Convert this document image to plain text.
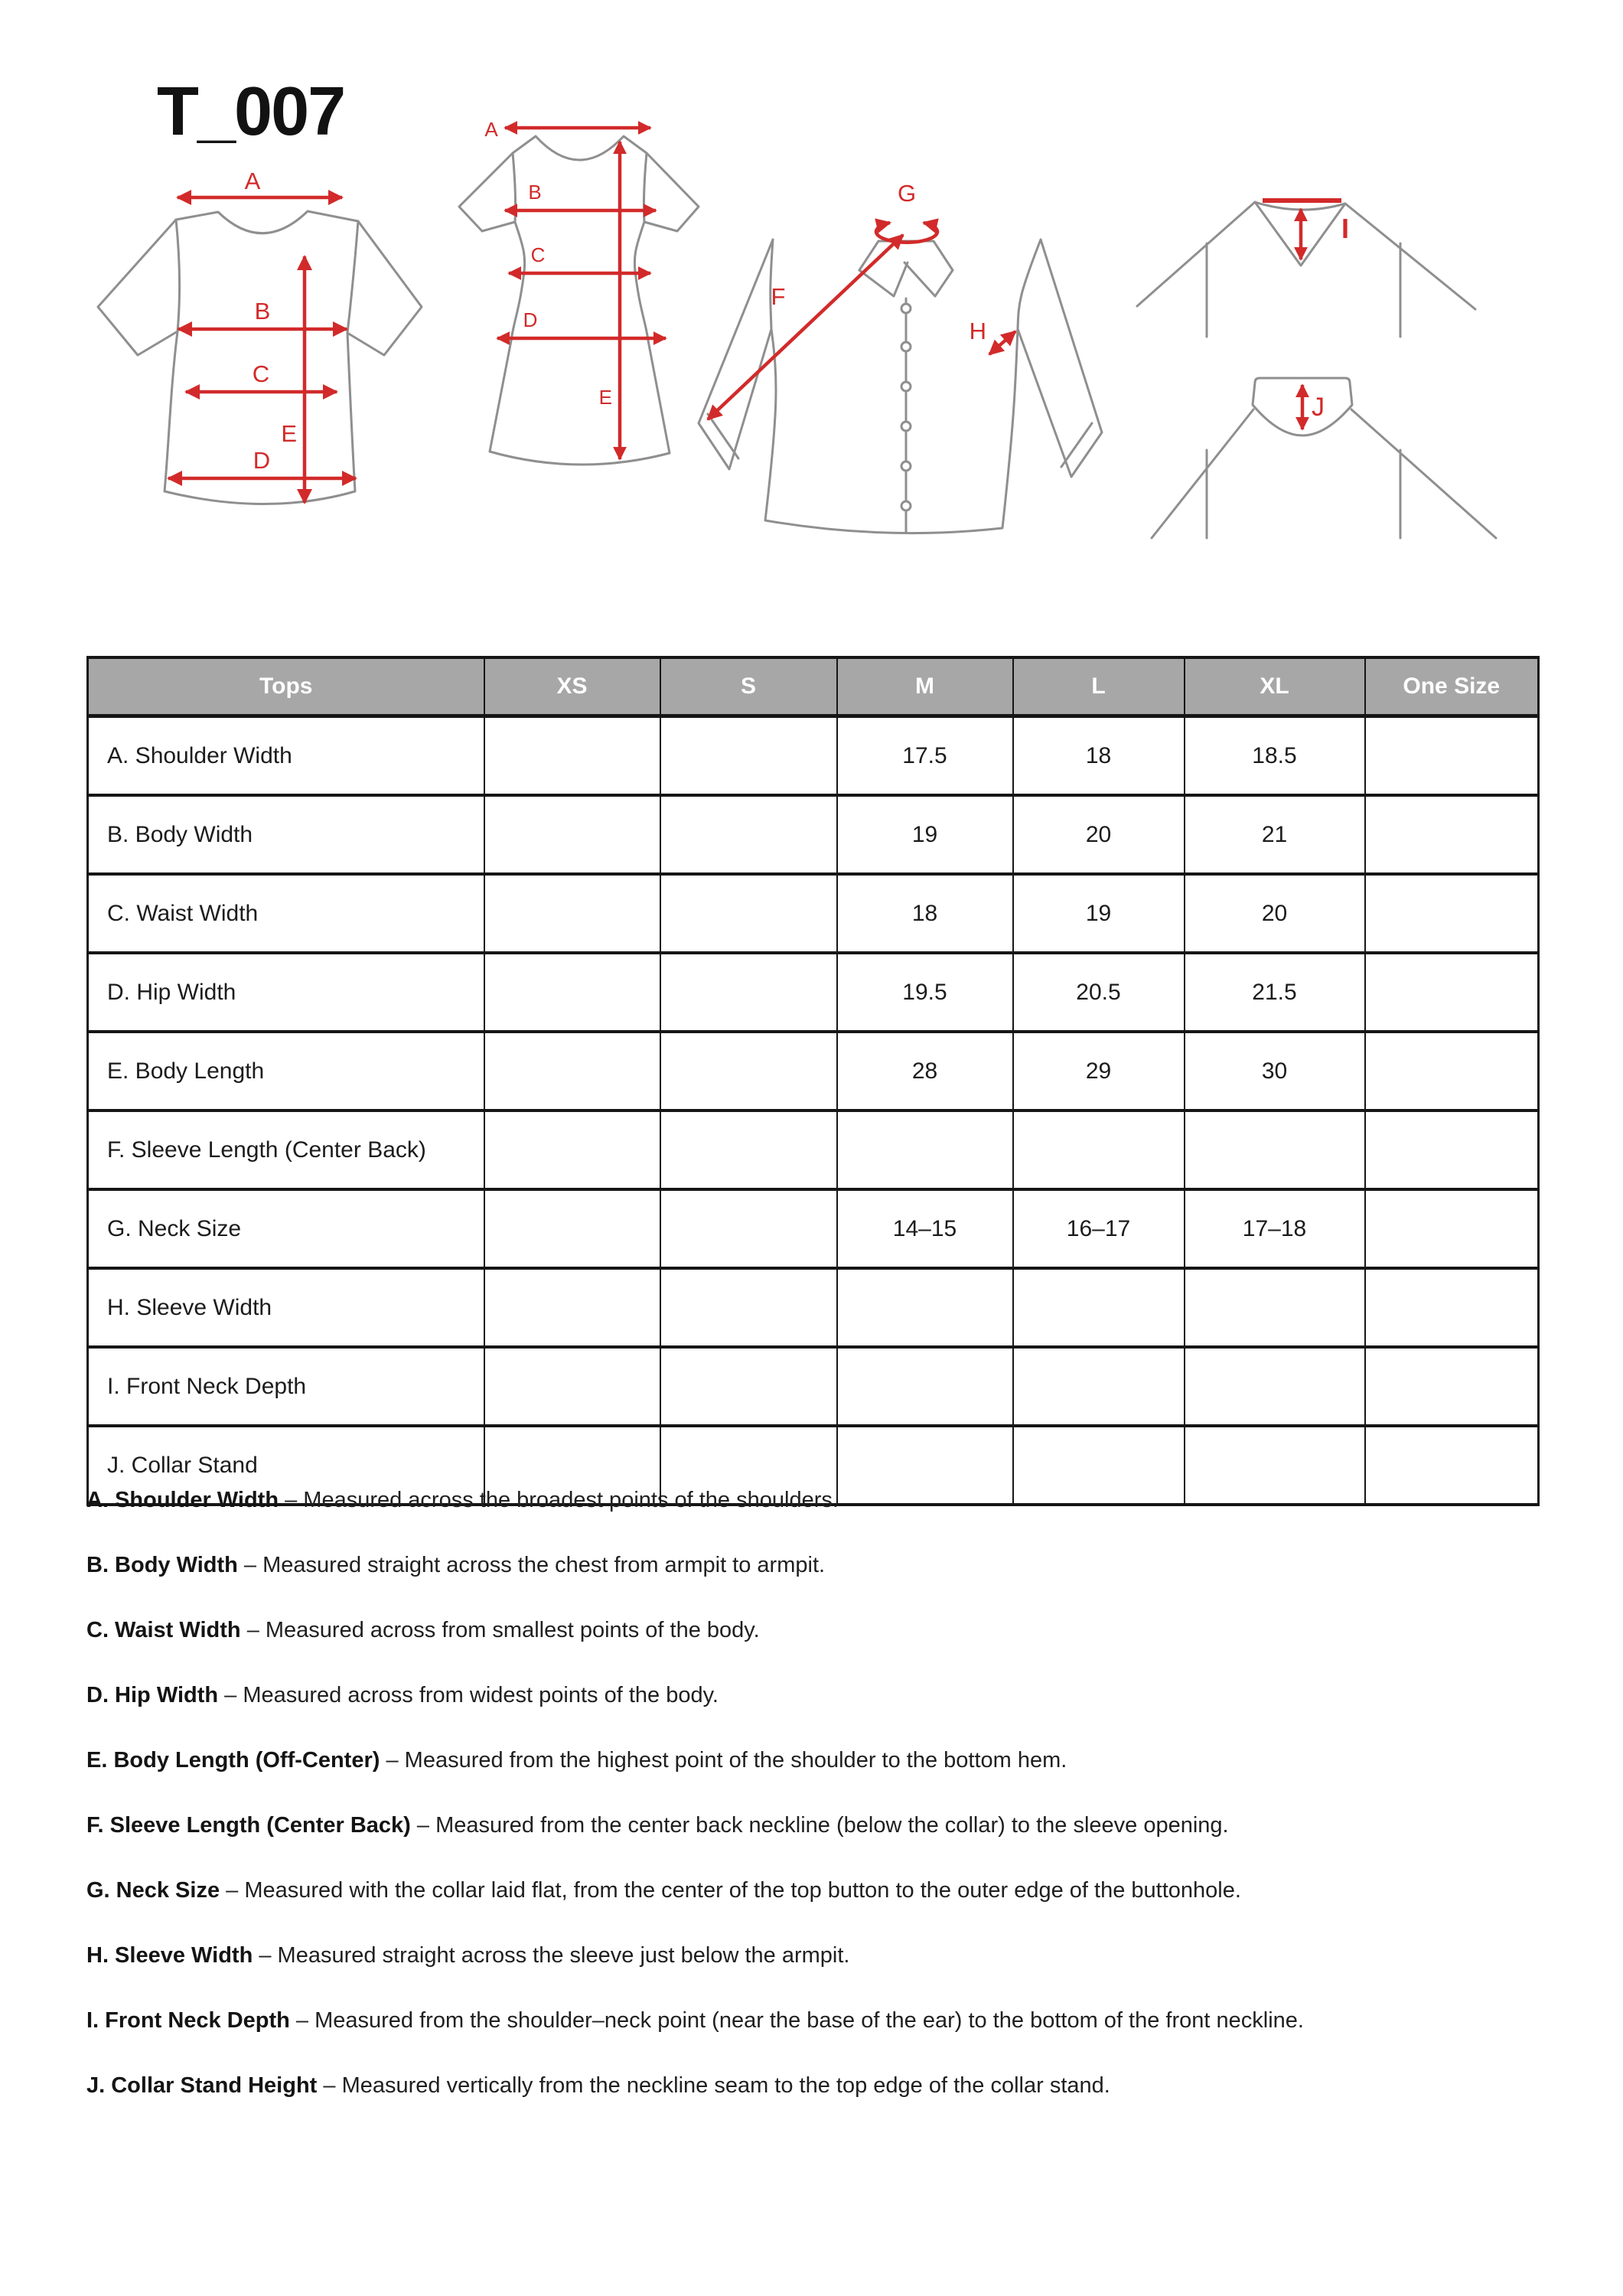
T_007
A
B
C
D
E
A
B
C
D
E
G
F
H
I
J
Tops	XS	S	M	L	XL	One Size
A. Shoulder Width			17.5	18	18.5	
B. Body Width			19	20	21	
C. Waist Width			18	19	20	
D. Hip Width			19.5	20.5	21.5	
E. Body Length			28	29	30	
F. Sleeve Length (Center Back)						
G. Neck Size			14–15	16–17	17–18	
H. Sleeve Width						
I. Front Neck Depth						
J. Collar Stand						

A. Shoulder Width – Measured across the broadest points of the shoulders.

B. Body Width – Measured straight across the chest from armpit to armpit.

C. Waist Width – Measured across from smallest points of the body.

D. Hip Width – Measured across from widest points of the body.

E. Body Length (Off-Center) – Measured from the highest point of the shoulder to the bottom hem.

F. Sleeve Length (Center Back) – Measured from the center back neckline (below the collar) to the sleeve opening.

G. Neck Size – Measured with the collar laid flat, from the center of the top button to the outer edge of the buttonhole.

H. Sleeve Width – Measured straight across the sleeve just below the armpit.

I. Front Neck Depth – Measured from the shoulder–neck point (near the base of the ear) to the bottom of the front neckline.

J. Collar Stand Height – Measured vertically from the neckline seam to the top edge of the collar stand.
